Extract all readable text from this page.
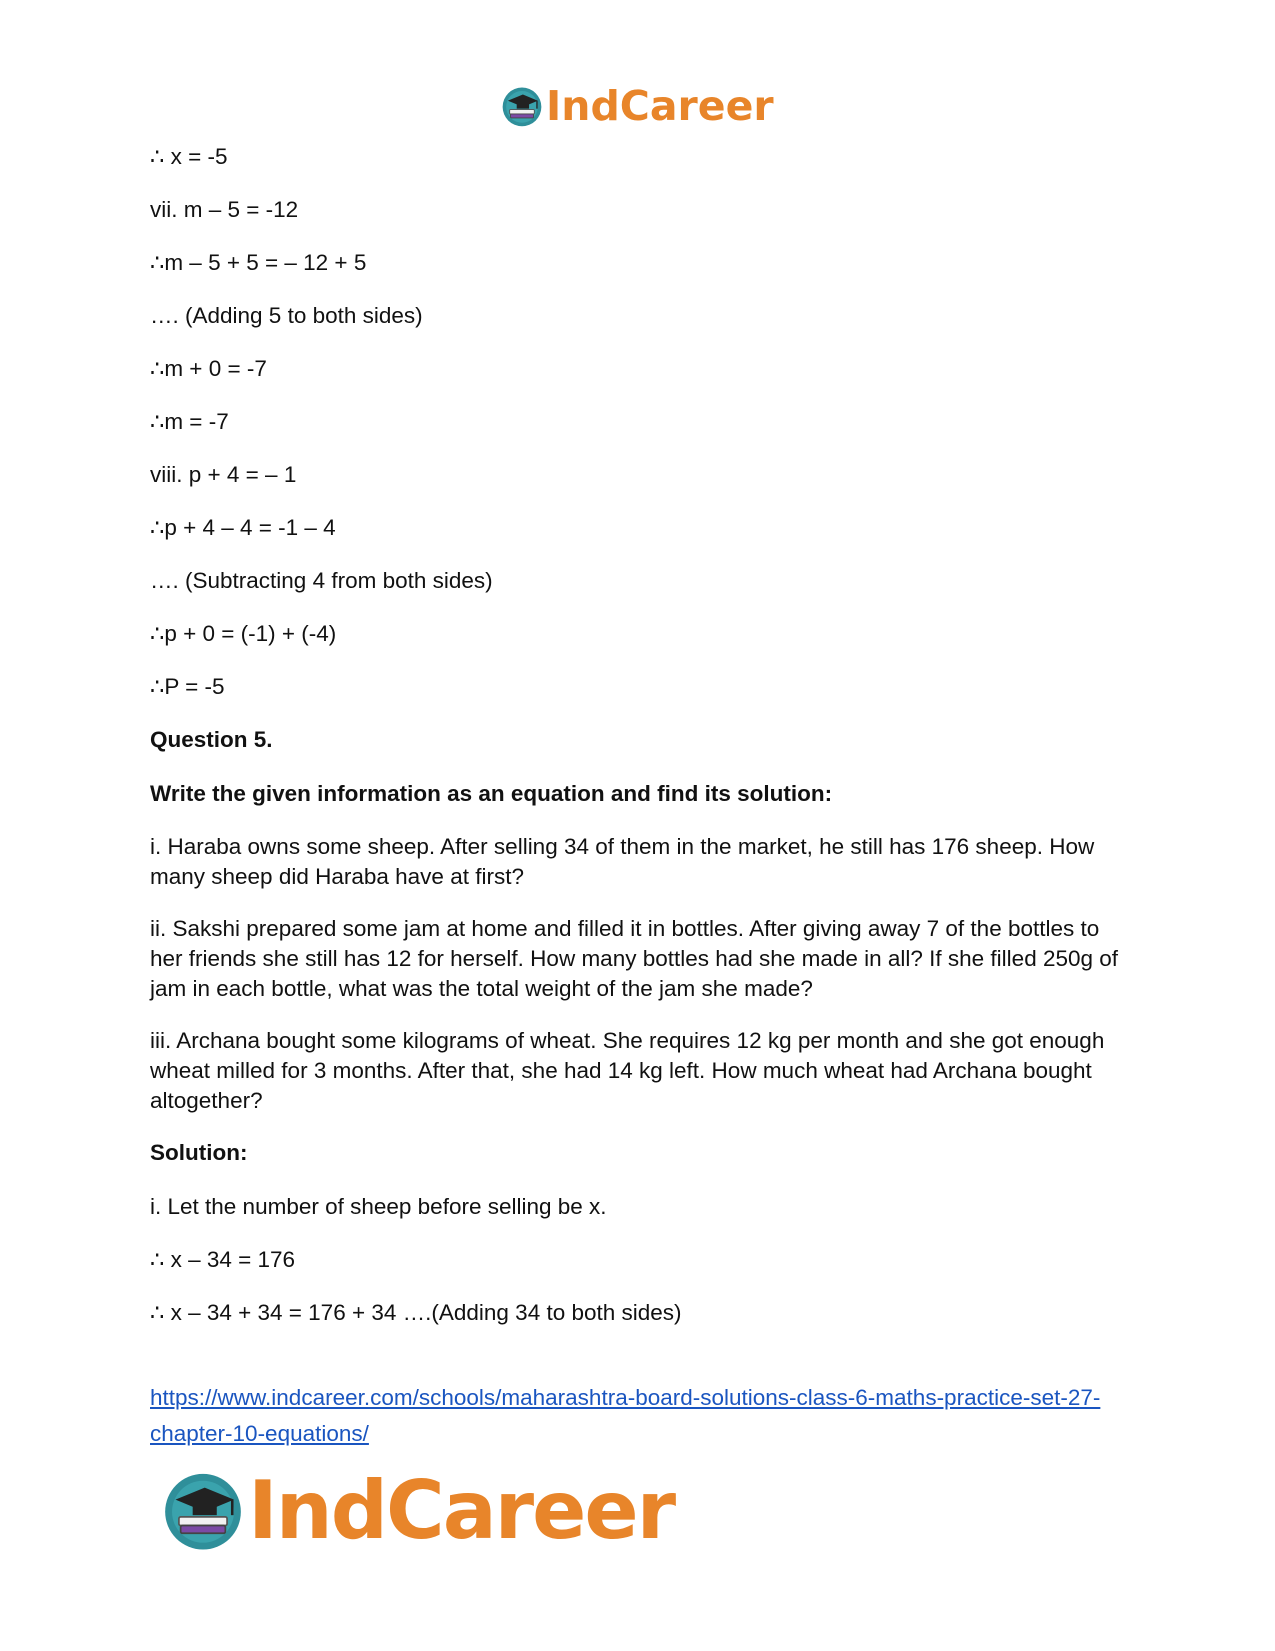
IndCareer

∴ x = -5

vii. m – 5 = -12

∴m – 5 + 5 = – 12 + 5

…. (Adding 5 to both sides)

∴m + 0 = -7

∴m = -7

viii. p + 4 = – 1

∴p + 4 – 4 = -1 – 4

…. (Subtracting 4 from both sides)

∴p + 0 = (-1) + (-4)

∴P = -5

Question 5.

Write the given information as an equation and find its solution:

i. Haraba owns some sheep. After selling 34 of them in the market, he still has 176 sheep. How many sheep did Haraba have at first?

ii. Sakshi prepared some jam at home and filled it in bottles. After giving away 7 of the bottles to her friends she still has 12 for herself. How many bottles had she made in all? If she filled 250g of jam in each bottle, what was the total weight of the jam she made?

iii. Archana bought some kilograms of wheat. She requires 12 kg per month and she got enough wheat milled for 3 months. After that, she had 14 kg left. How much wheat had Archana bought altogether?

Solution:

i. Let the number of sheep before selling be x.

∴ x – 34 = 176

∴ x – 34 + 34 = 176 + 34 ….(Adding 34 to both sides)

https://www.indcareer.com/schools/maharashtra-board-solutions-class-6-maths-practice-set-27-chapter-10-equations/
IndCareer
